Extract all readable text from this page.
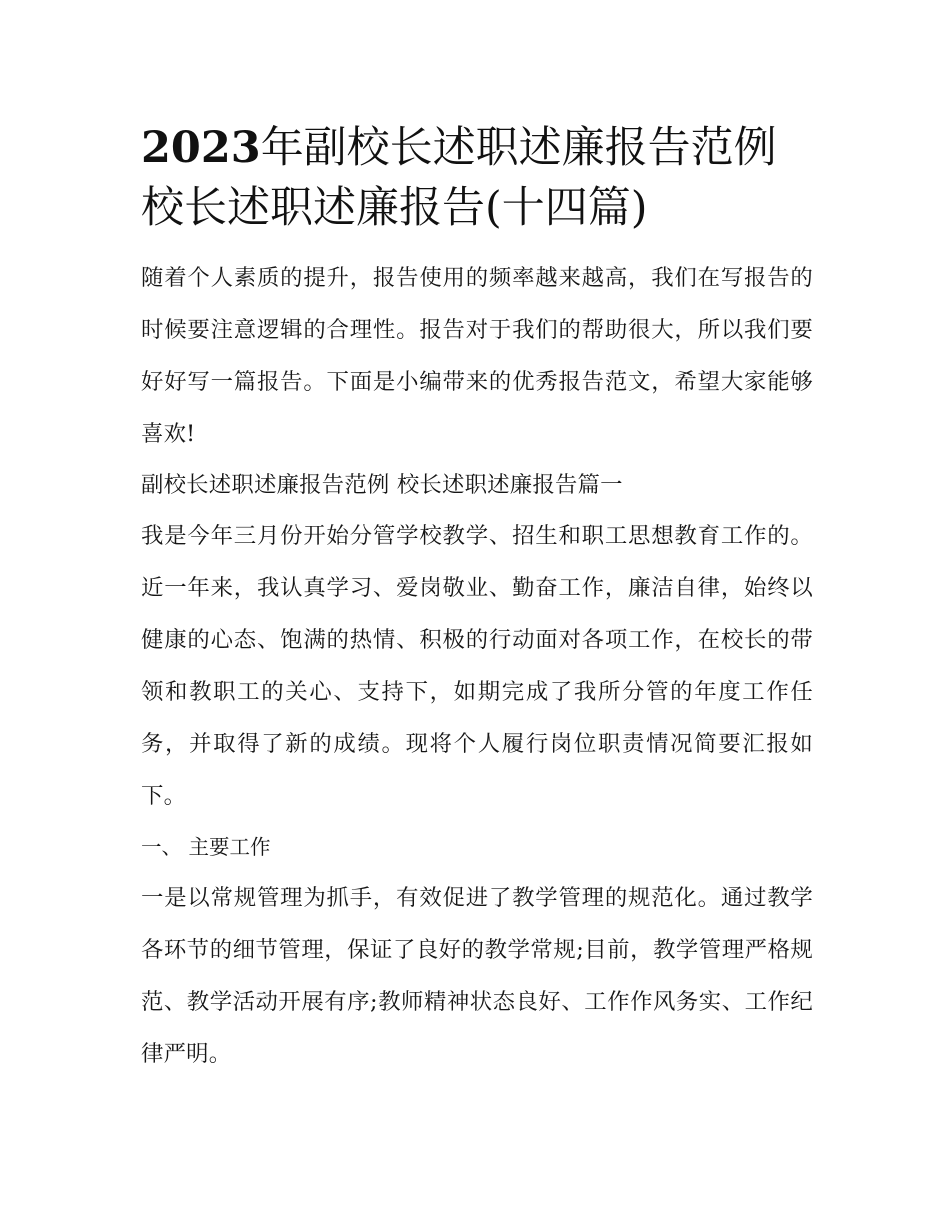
2023年副校长述职述廉报告范例 校长述职述廉报告(十四篇)

随着个人素质的提升，报告使用的频率越来越高，我们在写报告的时候要注意逻辑的合理性。报告对于我们的帮助很大，所以我们要好好写一篇报告。下面是小编带来的优秀报告范文，希望大家能够喜欢!

副校长述职述廉报告范例 校长述职述廉报告篇一

我是今年三月份开始分管学校教学、招生和职工思想教育工作的。近一年来，我认真学习、爱岗敬业、勤奋工作，廉洁自律，始终以健康的心态、饱满的热情、积极的行动面对各项工作，在校长的带领和教职工的关心、支持下，如期完成了我所分管的年度工作任务，并取得了新的成绩。现将个人履行岗位职责情况简要汇报如下。

一、 主要工作

一是以常规管理为抓手，有效促进了教学管理的规范化。通过教学各环节的细节管理，保证了良好的教学常规;目前，教学管理严格规范、教学活动开展有序;教师精神状态良好、工作作风务实、工作纪律严明。
